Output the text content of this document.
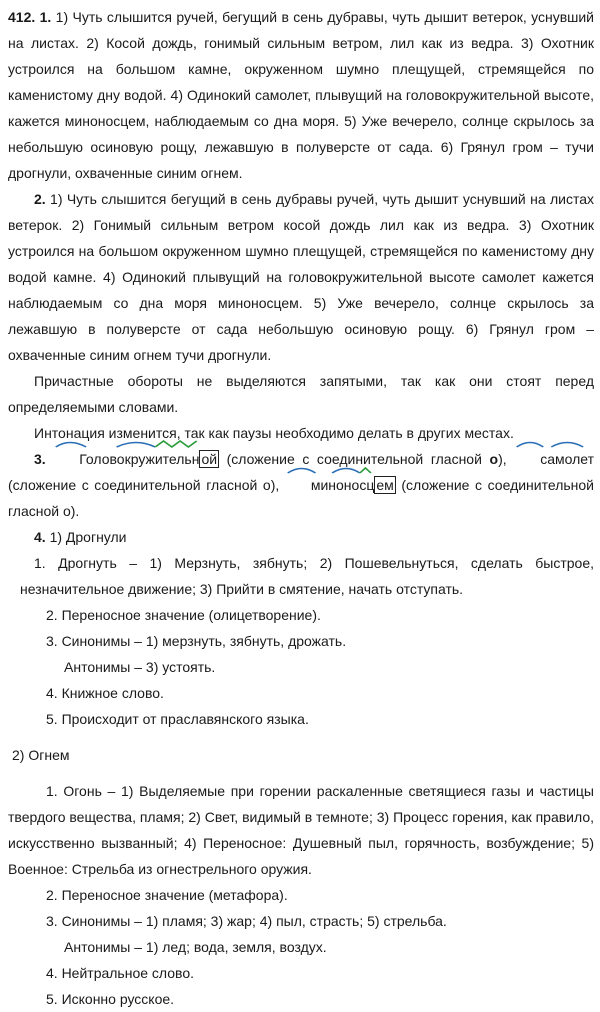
412. 1. 1) Чуть слышится ручей, бегущий в сень дубравы, чуть дышит ветерок, уснувший на листах. 2) Косой дождь, гонимый сильным ветром, лил как из ведра. 3) Охотник устроился на большом камне, окруженном шумно плещущей, стремящейся по каменистому дну водой. 4) Одинокий самолет, плывущий на головокружительной высоте, кажется миноносцем, наблюдаемым со дна моря. 5) Уже вечерело, солнце скрылось за небольшую осиновую рощу, лежавшую в полуверсте от сада. 6) Грянул гром – тучи дрогнули, охваченные синим огнем.

2. 1) Чуть слышится бегущий в сень дубравы ручей, чуть дышит уснувший на листах ветерок. 2) Гонимый сильным ветром косой дождь лил как из ведра. 3) Охотник устроился на большом окруженном шумно плещущей, стремящейся по каменистому дну водой камне. 4) Одинокий плывущий на головокружительной высоте самолет кажется наблюдаемым со дна моря миноносцем. 5) Уже вечерело, солнце скрылось за лежавшую в полуверсте от сада небольшую осиновую рощу. 6) Грянул гром – охваченные синим огнем тучи дрогнули.

Причастные обороты не выделяются запятыми, так как они стоят перед определяемыми словами.

Интонация изменится, так как паузы необходимо делать в других местах.

3. Головокружительн ой (сложение с соединительной гласной о),
самолет (сложение с соединительной гласной о),
миноносц ем (сложение с соединительной гласной о).

4. 1) Дрогнули

1. Дрогнуть – 1) Мерзнуть, зябнуть; 2) Пошевельнуться, сделать быстрое, незначительное движение; 3) Прийти в смятение, начать отступать.

2. Переносное значение (олицетворение).

3. Синонимы – 1) мерзнуть, зябнуть, дрожать.

Антонимы – 3) устоять.

4. Книжное слово.

5. Происходит от праславянского языка.

2) Огнем

1. Огонь – 1) Выделяемые при горении раскаленные светящиеся газы и частицы твердого вещества, пламя; 2) Свет, видимый в темноте; 3) Процесс горения, как правило, искусственно вызванный; 4) Переносное: Душевный пыл, горячность, возбуждение; 5) Военное: Стрельба из огнестрельного оружия.

2. Переносное значение (метафора).

3. Синонимы – 1) пламя; 3) жар; 4) пыл, страсть; 5) стрельба.

Антонимы – 1) лед; вода, земля, воздух.

4. Нейтральное слово.

5. Исконно русское.
